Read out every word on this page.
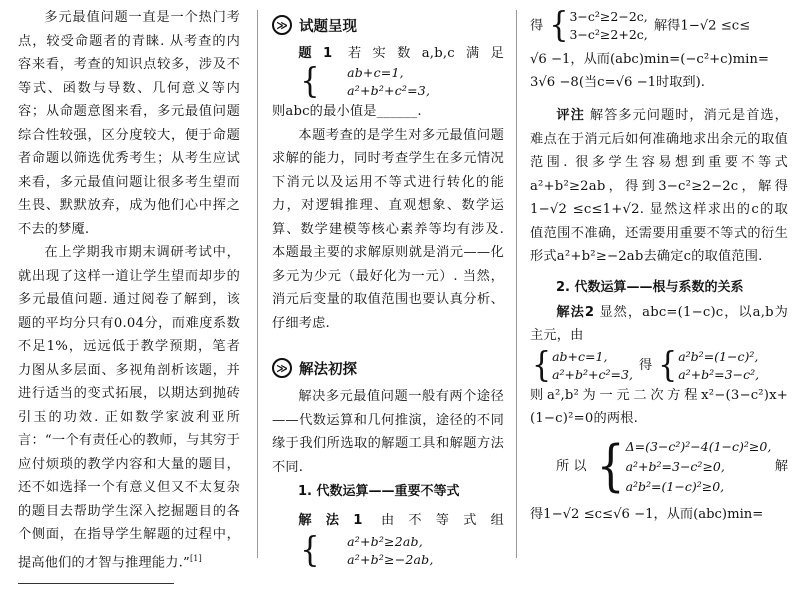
多元最值问题一直是一个热门考点，较受命题者的青睐. 从考查的内容来看，考查的知识点较多，涉及不等式、函数与导数、几何意义等内容；从命题意图来看，多元最值问题综合性较强，区分度较大，便于命题者命题以筛选优秀考生；从考生应试来看，多元最值问题让很多考生望而生畏、默默放弃，成为他们心中挥之不去的梦魇.

在上学期我市期末调研考试中，就出现了这样一道让学生望而却步的多元最值问题. 通过阅卷了解到，该题的平均分只有0.04分，而难度系数不足1%，远远低于教学预期，笔者力图从多层面、多视角剖析该题，并进行适当的变式拓展，以期达到抛砖引玉的功效. 正如数学家波利亚所言：“一个有责任心的教师，与其穷于应付烦琐的教学内容和大量的题目，还不如选择一个有意义但又不太复杂的题目去帮助学生深入挖掘题目的各个侧面，在指导学生解题的过程中，提高他们的才智与推理能力.”[1]

≫ 试题呈现
题1 若实数a,b,c满足
{	ab+c=1,
a²+b²+c²=3,

则abc的最小值是______.

本题考查的是学生对多元最值问题求解的能力，同时考查学生在多元情况下消元以及运用不等式进行转化的能力，对逻辑推理、直观想象、数学运算、数学建模等核心素养等均有涉及. 本题最主要的求解原则就是消元——化多元为少元（最好化为一元）. 当然，消元后变量的取值范围也要认真分析、仔细考虑.

≫ 解法初探

解决多元最值问题一般有两个途径——代数运算和几何推演，途径的不同缘于我们所选取的解题工具和解题方法不同.

1. 代数运算——重要不等式
解法1 由不等式组
{	a²+b²≥2ab,
a²+b²≥−2ab,
得 { 3−c²≥2−2c,
3−c²≥2+2c,
解得1−√2 ≤c≤

√6 −1，从而(abc)min=(−c²+c)min=

3√6 −8(当c=√6 −1时取到).

评注 解答多元问题时，消元是首选，难点在于消元后如何准确地求出余元的取值范围. 很多学生容易想到重要不等式a²+b²≥2ab，得到3−c²≥2−2c，解得1−√2 ≤c≤1+√2. 显然这样求出的c的取值范围不准确，还需要用重要不等式的衍生形式a²+b²≥−2ab去确定c的取值范围.

2. 代数运算——根与系数的关系

解法2 显然，abc=(1−c)c，以a,b为主元，由

{ ab+c=1,
a²+b²+c²=3,
得 { a²b²=(1−c)²,
a²+b²=3−c²,

则a²,b²为一元二次方程x²−(3−c²)x+(1−c)²=0的两根.

所 以 { Δ=(3−c²)²−4(1−c)²≥0,
a²+b²=3−c²≥0,
a²b²=(1−c)²≥0,
解

得1−√2 ≤c≤√6 −1，从而(abc)min=
